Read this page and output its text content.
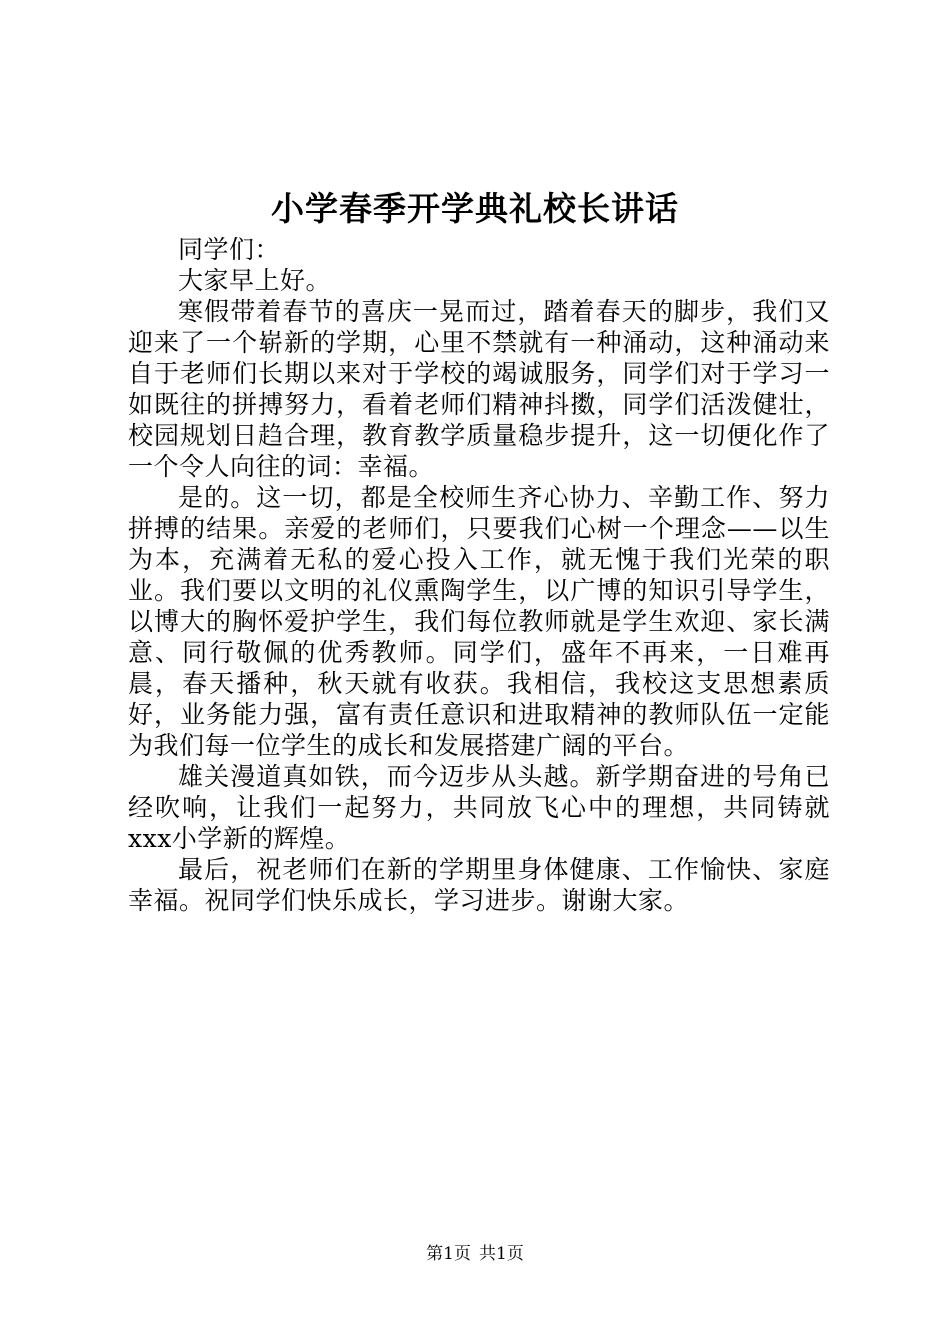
小学春季开学典礼校长讲话

同学们：

大家早上好。

寒假带着春节的喜庆一晃而过，踏着春天的脚步，我们又迎来了一个崭新的学期，心里不禁就有一种涌动，这种涌动来自于老师们长期以来对于学校的竭诚服务，同学们对于学习一如既往的拼搏努力，看着老师们精神抖擞，同学们活泼健壮，校园规划日趋合理，教育教学质量稳步提升，这一切便化作了一个令人向往的词：幸福。

是的。这一切，都是全校师生齐心协力、辛勤工作、努力拼搏的结果。亲爱的老师们，只要我们心树一个理念——以生为本，充满着无私的爱心投入工作，就无愧于我们光荣的职业。我们要以文明的礼仪熏陶学生，以广博的知识引导学生，以博大的胸怀爱护学生，我们每位教师就是学生欢迎、家长满意、同行敬佩的优秀教师。同学们，盛年不再来，一日难再晨，春天播种，秋天就有收获。我相信，我校这支思想素质好，业务能力强，富有责任意识和进取精神的教师队伍一定能为我们每一位学生的成长和发展搭建广阔的平台。

雄关漫道真如铁，而今迈步从头越。新学期奋进的号角已经吹响，让我们一起努力，共同放飞心中的理想，共同铸就xxx小学新的辉煌。

最后，祝老师们在新的学期里身体健康、工作愉快、家庭幸福。祝同学们快乐成长，学习进步。谢谢大家。

第1页 共1页
